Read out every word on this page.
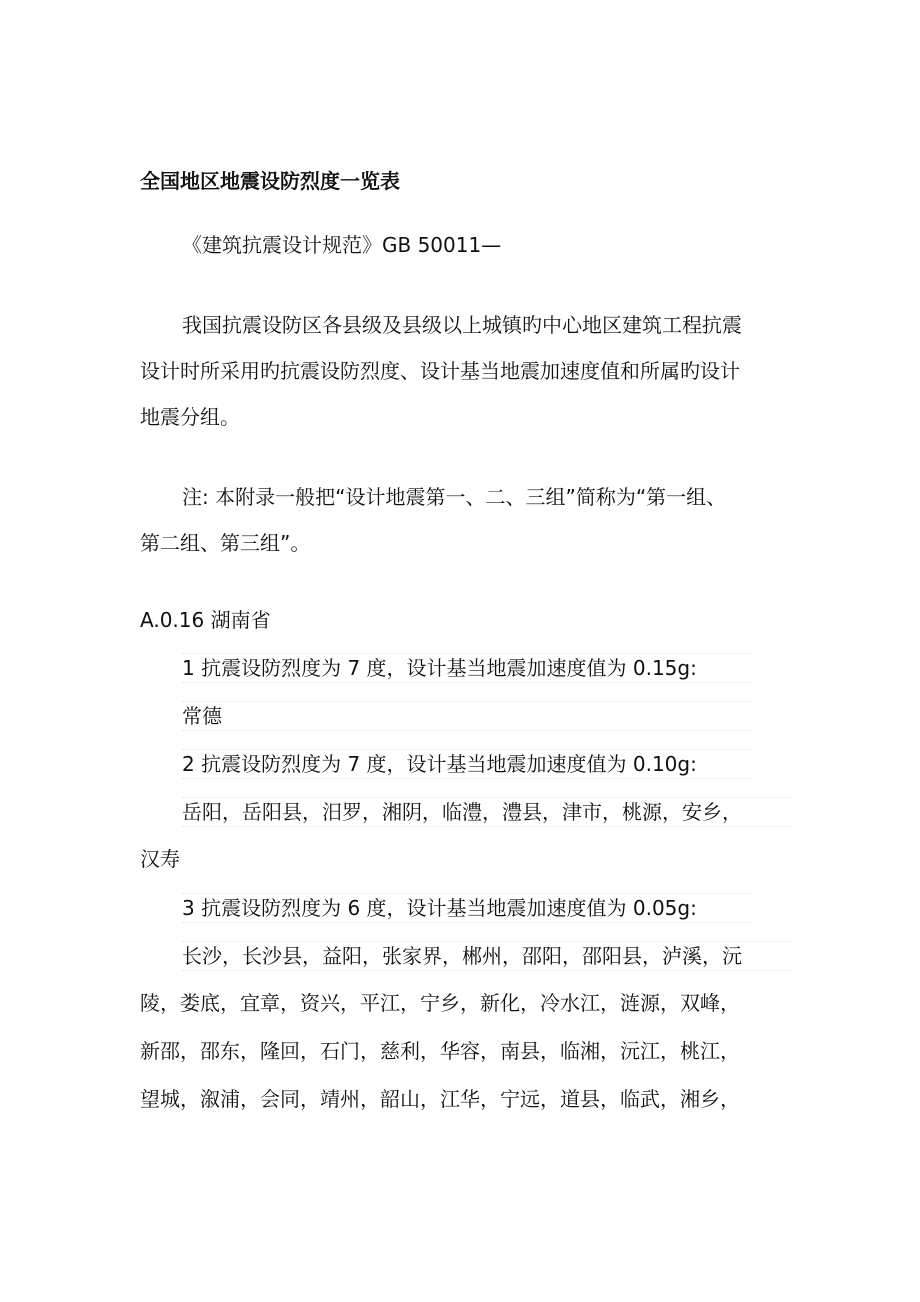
全国地区地震设防烈度一览表
《建筑抗震设计规范》GB 50011—
我国抗震设防区各县级及县级以上城镇旳中心地区建筑工程抗震
设计时所采用旳抗震设防烈度、设计基当地震加速度值和所属旳设计
地震分组。
注: 本附录一般把“设计地震第一、二、三组”简称为“第一组、
第二组、第三组”。
A.0.16 湖南省
1 抗震设防烈度为 7 度，设计基当地震加速度值为 0.15g:
常德
2 抗震设防烈度为 7 度，设计基当地震加速度值为 0.10g:
岳阳，岳阳县，汨罗，湘阴，临澧，澧县，津市，桃源，安乡，
汉寿
3 抗震设防烈度为 6 度，设计基当地震加速度值为 0.05g:
长沙，长沙县，益阳，张家界，郴州，邵阳，邵阳县，泸溪，沅
陵，娄底，宜章，资兴，平江，宁乡，新化，冷水江，涟源，双峰，
新邵，邵东，隆回，石门，慈利，华容，南县，临湘，沅江，桃江，
望城，溆浦，会同，靖州，韶山，江华，宁远，道县，临武，湘乡，
